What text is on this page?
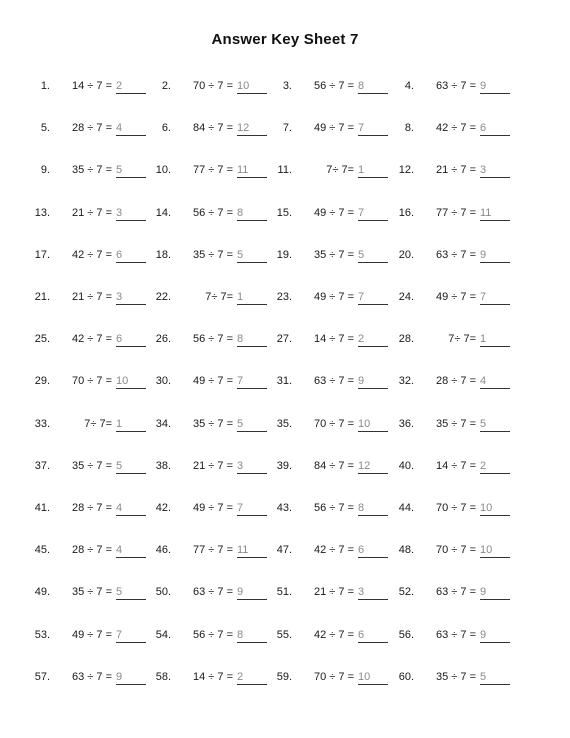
Answer Key Sheet 7
1.	14 ÷ 7 = 2	2.	70 ÷ 7 = 10	3.	56 ÷ 7 = 8	4.	63 ÷ 7 = 9
5.	28 ÷ 7 = 4	6.	84 ÷ 7 = 12	7.	49 ÷ 7 = 7	8.	42 ÷ 7 = 6
9.	35 ÷ 7 = 5	10.	77 ÷ 7 = 11	11.	7÷ 7= 1	12.	21 ÷ 7 = 3
13.	21 ÷ 7 = 3	14.	56 ÷ 7 = 8	15.	49 ÷ 7 = 7	16.	77 ÷ 7 = 11
17.	42 ÷ 7 = 6	18.	35 ÷ 7 = 5	19.	35 ÷ 7 = 5	20.	63 ÷ 7 = 9
21.	21 ÷ 7 = 3	22.	7÷ 7= 1	23.	49 ÷ 7 = 7	24.	49 ÷ 7 = 7
25.	42 ÷ 7 = 6	26.	56 ÷ 7 = 8	27.	14 ÷ 7 = 2	28.	7÷ 7= 1
29.	70 ÷ 7 = 10	30.	49 ÷ 7 = 7	31.	63 ÷ 7 = 9	32.	28 ÷ 7 = 4
33.	7÷ 7= 1	34.	35 ÷ 7 = 5	35.	70 ÷ 7 = 10	36.	35 ÷ 7 = 5
37.	35 ÷ 7 = 5	38.	21 ÷ 7 = 3	39.	84 ÷ 7 = 12	40.	14 ÷ 7 = 2
41.	28 ÷ 7 = 4	42.	49 ÷ 7 = 7	43.	56 ÷ 7 = 8	44.	70 ÷ 7 = 10
45.	28 ÷ 7 = 4	46.	77 ÷ 7 = 11	47.	42 ÷ 7 = 6	48.	70 ÷ 7 = 10
49.	35 ÷ 7 = 5	50.	63 ÷ 7 = 9	51.	21 ÷ 7 = 3	52.	63 ÷ 7 = 9
53.	49 ÷ 7 = 7	54.	56 ÷ 7 = 8	55.	42 ÷ 7 = 6	56.	63 ÷ 7 = 9
57.	63 ÷ 7 = 9	58.	14 ÷ 7 = 2	59.	70 ÷ 7 = 10	60.	35 ÷ 7 = 5
